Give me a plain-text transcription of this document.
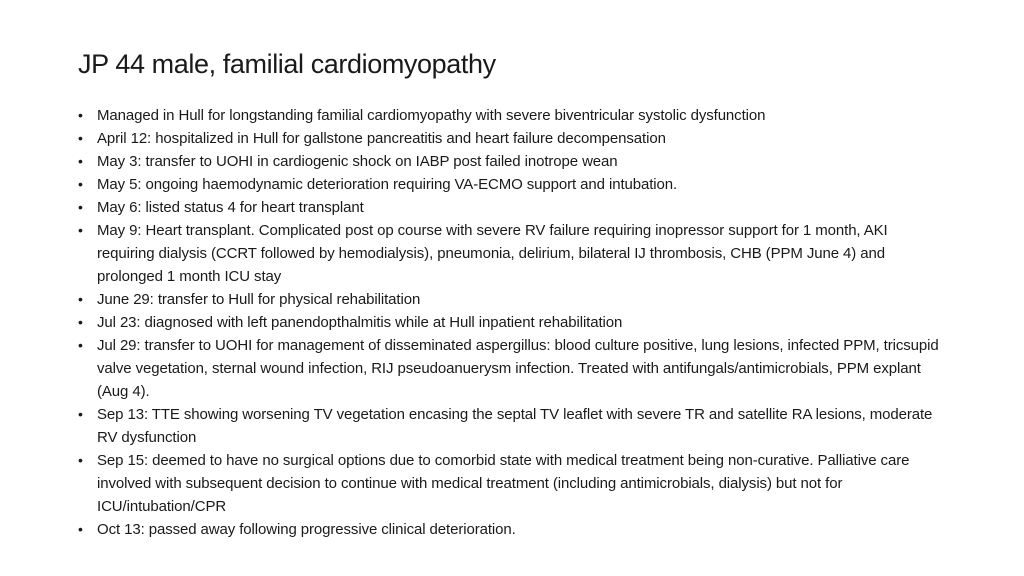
JP 44 male, familial cardiomyopathy
• Managed in Hull for longstanding familial cardiomyopathy with severe biventricular systolic dysfunction
• April 12: hospitalized in Hull for gallstone pancreatitis and heart failure decompensation
• May 3: transfer to UOHI in cardiogenic shock on IABP post failed inotrope wean
• May 5: ongoing haemodynamic deterioration requiring VA-ECMO support and intubation.
• May 6: listed status 4 for heart transplant
• May 9: Heart transplant. Complicated post op course with severe RV failure requiring inopressor support for 1 month, AKI requiring dialysis (CCRT followed by hemodialysis), pneumonia, delirium, bilateral IJ thrombosis, CHB (PPM June 4) and prolonged 1 month ICU stay
• June 29: transfer to Hull for physical rehabilitation
• Jul 23: diagnosed with left panendopthalmitis while at Hull inpatient rehabilitation
• Jul 29: transfer to UOHI for management of disseminated aspergillus: blood culture positive, lung lesions, infected PPM, tricsupid valve vegetation, sternal wound infection, RIJ pseudoanuerysm infection. Treated with antifungals/antimicrobials, PPM explant (Aug 4).
• Sep 13: TTE showing worsening TV vegetation encasing the septal TV leaflet with severe TR and satellite RA lesions, moderate RV dysfunction
• Sep 15: deemed to have no surgical options due to comorbid state with medical treatment being non-curative. Palliative care involved with subsequent decision to continue with medical treatment (including antimicrobials, dialysis) but not for ICU/intubation/CPR
• Oct 13: passed away following progressive clinical deterioration.
